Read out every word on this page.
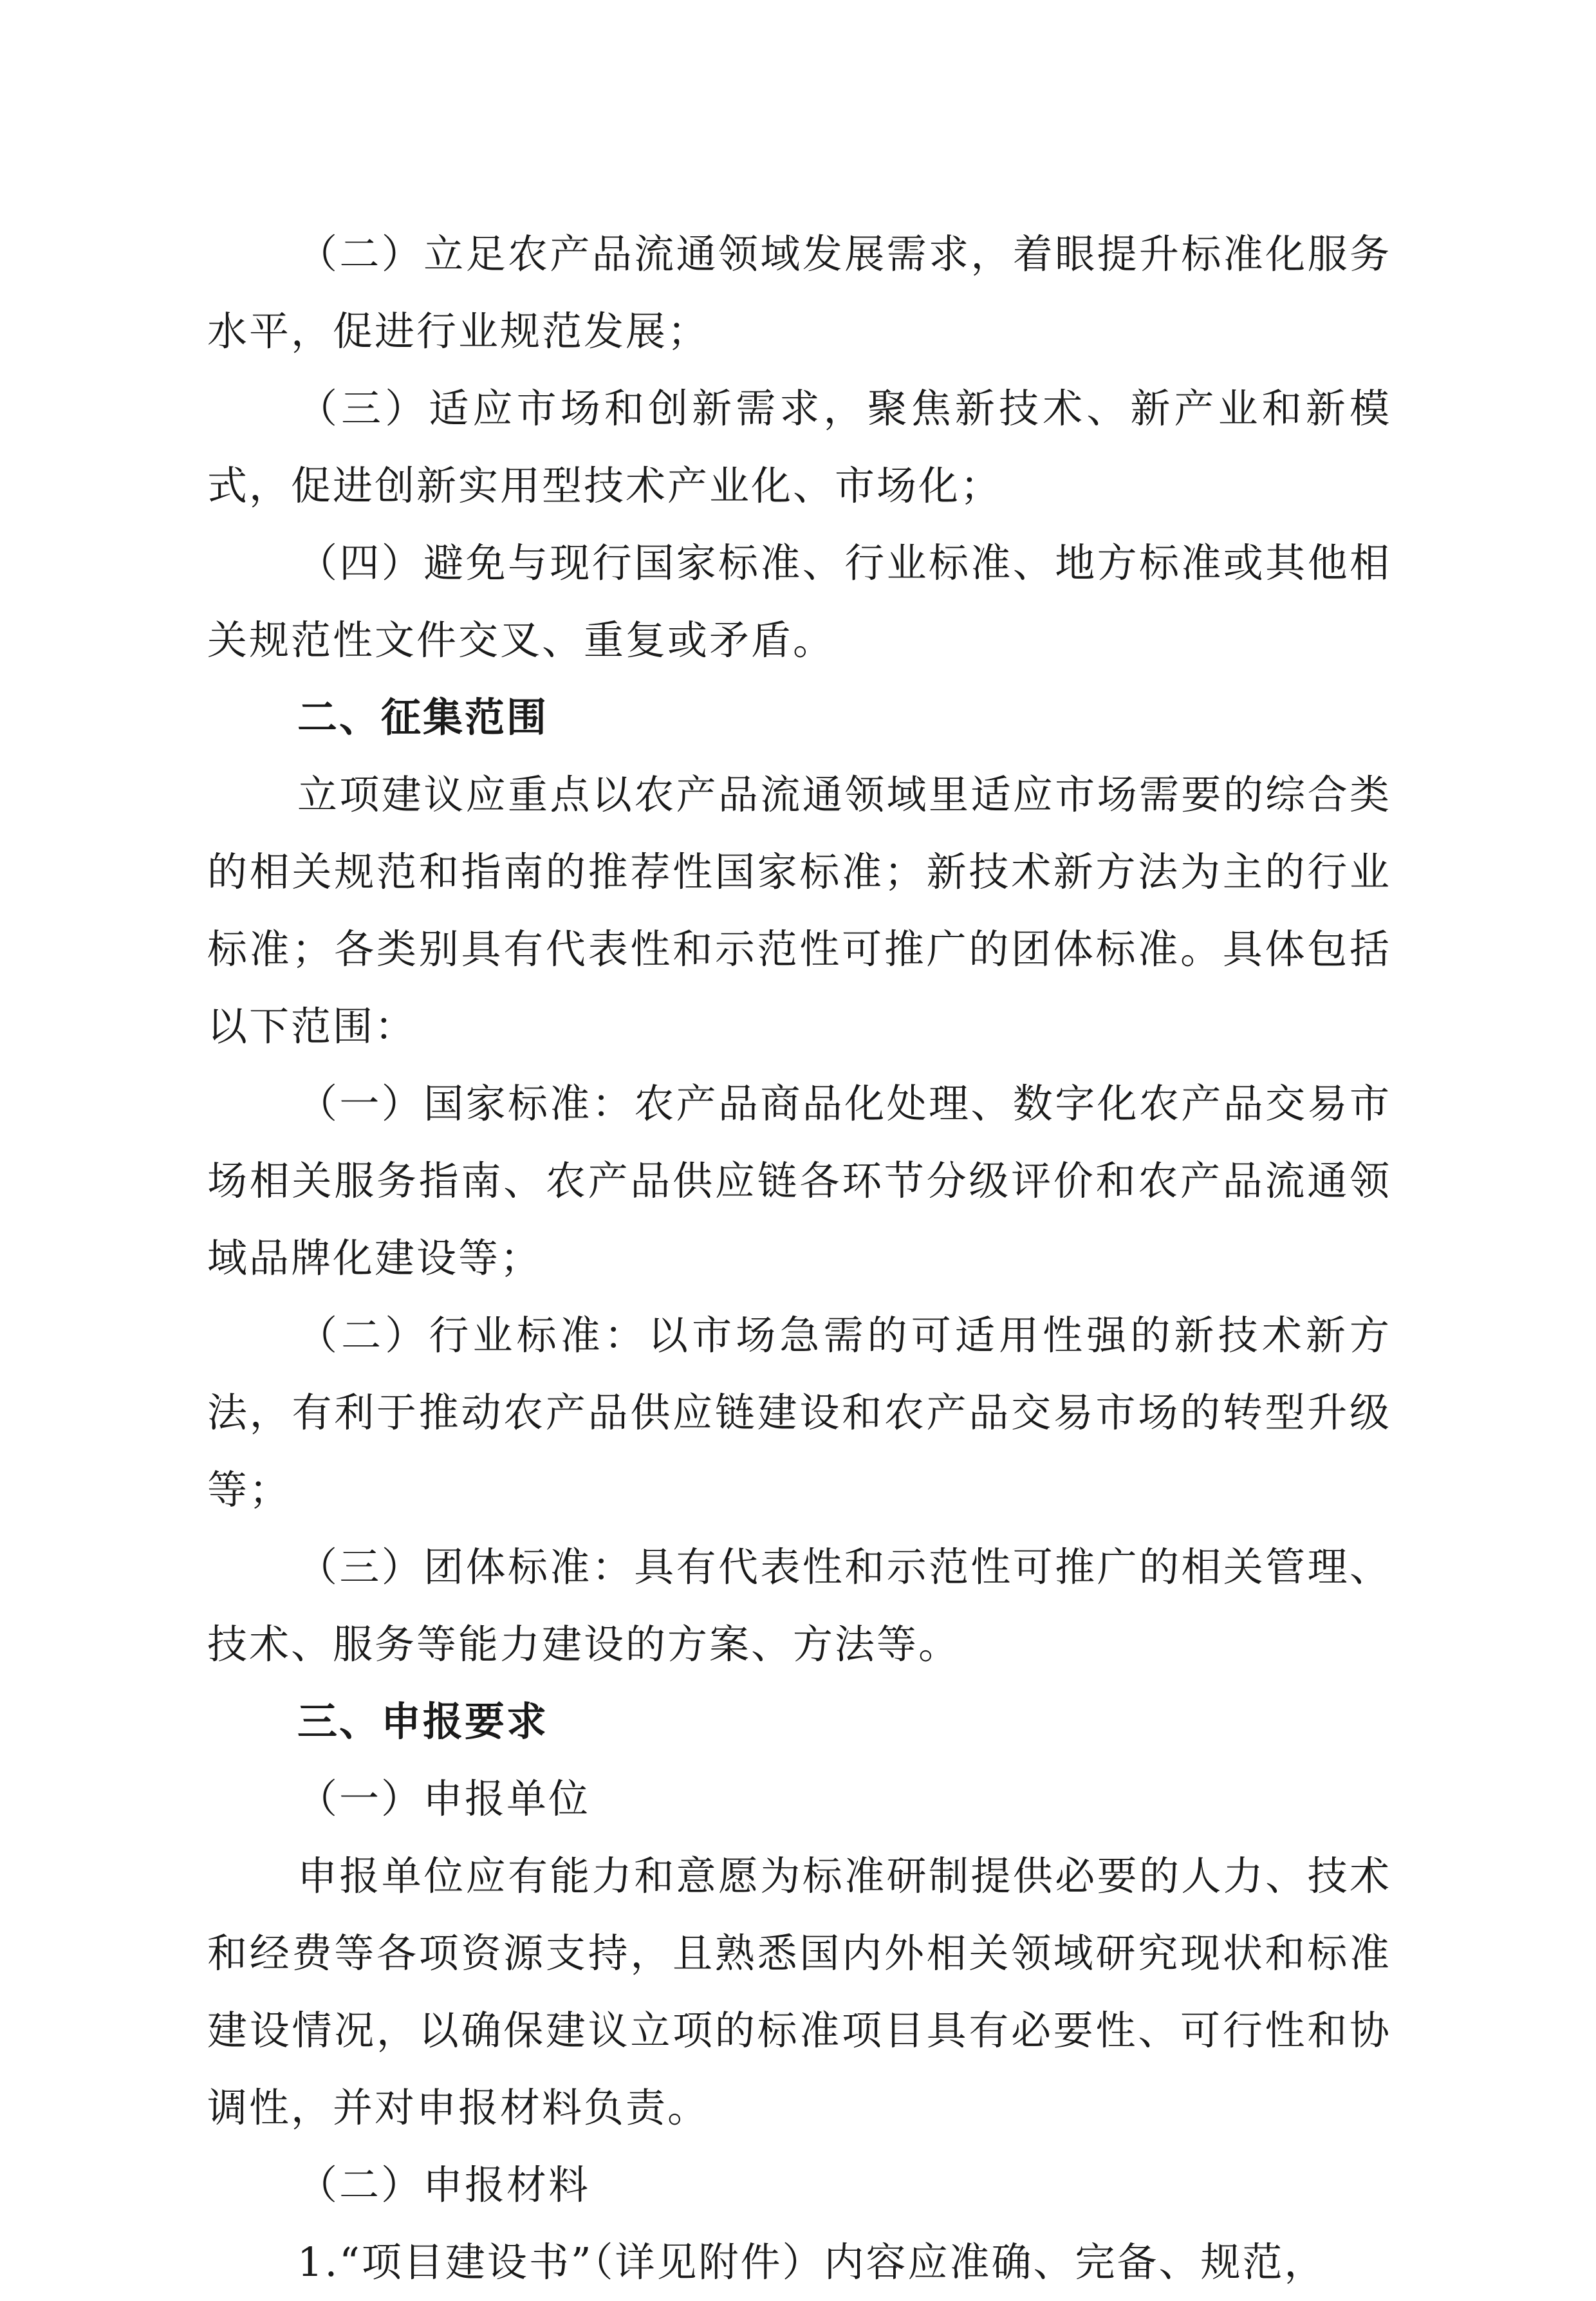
（二）立足农产品流通领域发展需求，着眼提升标准化服务水平，促进行业规范发展；

（三）适应市场和创新需求，聚焦新技术、新产业和新模式，促进创新实用型技术产业化、市场化；

（四）避免与现行国家标准、行业标准、地方标准或其他相关规范性文件交叉、重复或矛盾。

二、征集范围

立项建议应重点以农产品流通领域里适应市场需要的综合类的相关规范和指南的推荐性国家标准；新技术新方法为主的行业标准；各类别具有代表性和示范性可推广的团体标准。具体包括以下范围：

（一）国家标准：农产品商品化处理、数字化农产品交易市场相关服务指南、农产品供应链各环节分级评价和农产品流通领域品牌化建设等；

（二）行业标准：以市场急需的可适用性强的新技术新方法，有利于推动农产品供应链建设和农产品交易市场的转型升级等；

（三）团体标准：具有代表性和示范性可推广的相关管理、技术、服务等能力建设的方案、方法等。

三、申报要求

（一）申报单位

申报单位应有能力和意愿为标准研制提供必要的人力、技术和经费等各项资源支持，且熟悉国内外相关领域研究现状和标准建设情况，以确保建议立项的标准项目具有必要性、可行性和协调性，并对申报材料负责。

（二）申报材料

1.“项目建设书”（详见附件）内容应准确、完备、规范，
